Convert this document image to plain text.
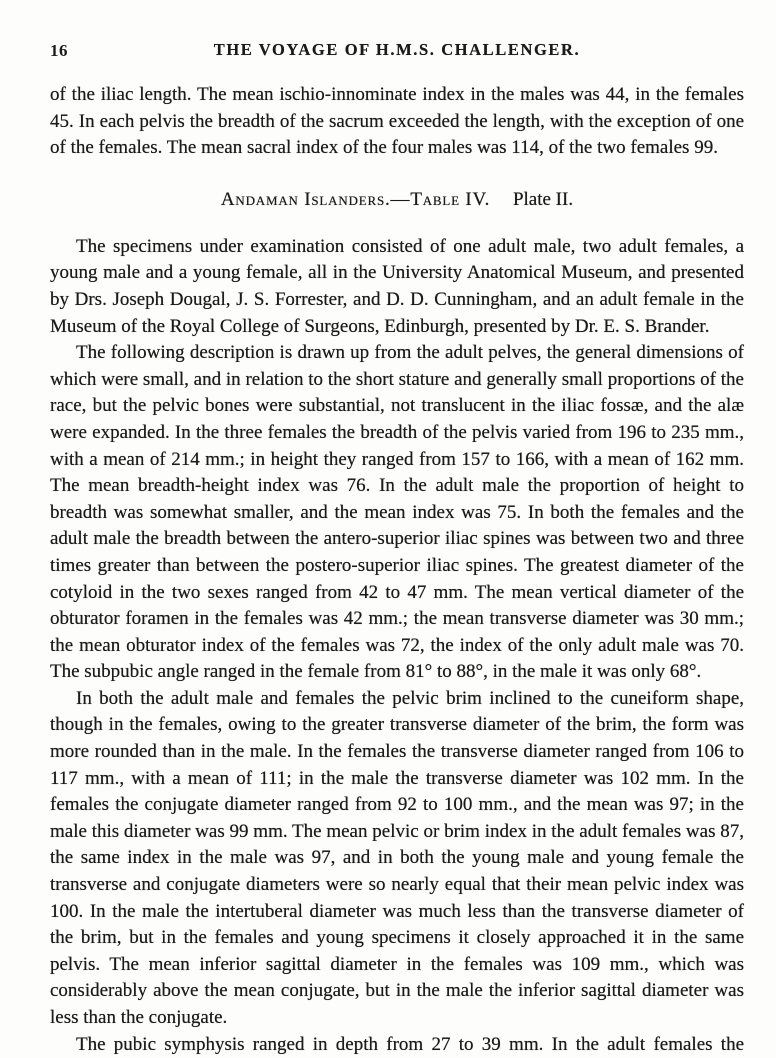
16	THE VOYAGE OF H.M.S. CHALLENGER.

of the iliac length. The mean ischio-innominate index in the males was 44, in the females 45. In each pelvis the breadth of the sacrum exceeded the length, with the exception of one of the females. The mean sacral index of the four males was 114, of the two females 99.

Andaman Islanders.—Table IV. Plate II.

The specimens under examination consisted of one adult male, two adult females, a young male and a young female, all in the University Anatomical Museum, and presented by Drs. Joseph Dougal, J. S. Forrester, and D. D. Cunningham, and an adult female in the Museum of the Royal College of Surgeons, Edinburgh, presented by Dr. E. S. Brander.

The following description is drawn up from the adult pelves, the general dimensions of which were small, and in relation to the short stature and generally small proportions of the race, but the pelvic bones were substantial, not translucent in the iliac fossæ, and the alæ were expanded. In the three females the breadth of the pelvis varied from 196 to 235 mm., with a mean of 214 mm.; in height they ranged from 157 to 166, with a mean of 162 mm. The mean breadth-height index was 76. In the adult male the proportion of height to breadth was somewhat smaller, and the mean index was 75. In both the females and the adult male the breadth between the antero-superior iliac spines was between two and three times greater than between the postero-superior iliac spines. The greatest diameter of the cotyloid in the two sexes ranged from 42 to 47 mm. The mean vertical diameter of the obturator foramen in the females was 42 mm.; the mean transverse diameter was 30 mm.; the mean obturator index of the females was 72, the index of the only adult male was 70. The subpubic angle ranged in the female from 81° to 88°, in the male it was only 68°.

In both the adult male and females the pelvic brim inclined to the cuneiform shape, though in the females, owing to the greater transverse diameter of the brim, the form was more rounded than in the male. In the females the transverse diameter ranged from 106 to 117 mm., with a mean of 111; in the male the transverse diameter was 102 mm. In the females the conjugate diameter ranged from 92 to 100 mm., and the mean was 97; in the male this diameter was 99 mm. The mean pelvic or brim index in the adult females was 87, the same index in the male was 97, and in both the young male and young female the transverse and conjugate diameters were so nearly equal that their mean pelvic index was 100. In the male the intertuberal diameter was much less than the transverse diameter of the brim, but in the females and young specimens it closely approached it in the same pelvis. The mean inferior sagittal diameter in the females was 109 mm., which was considerably above the mean conjugate, but in the male the inferior sagittal diameter was less than the conjugate.

The pubic symphysis ranged in depth from 27 to 39 mm. In the adult females the
